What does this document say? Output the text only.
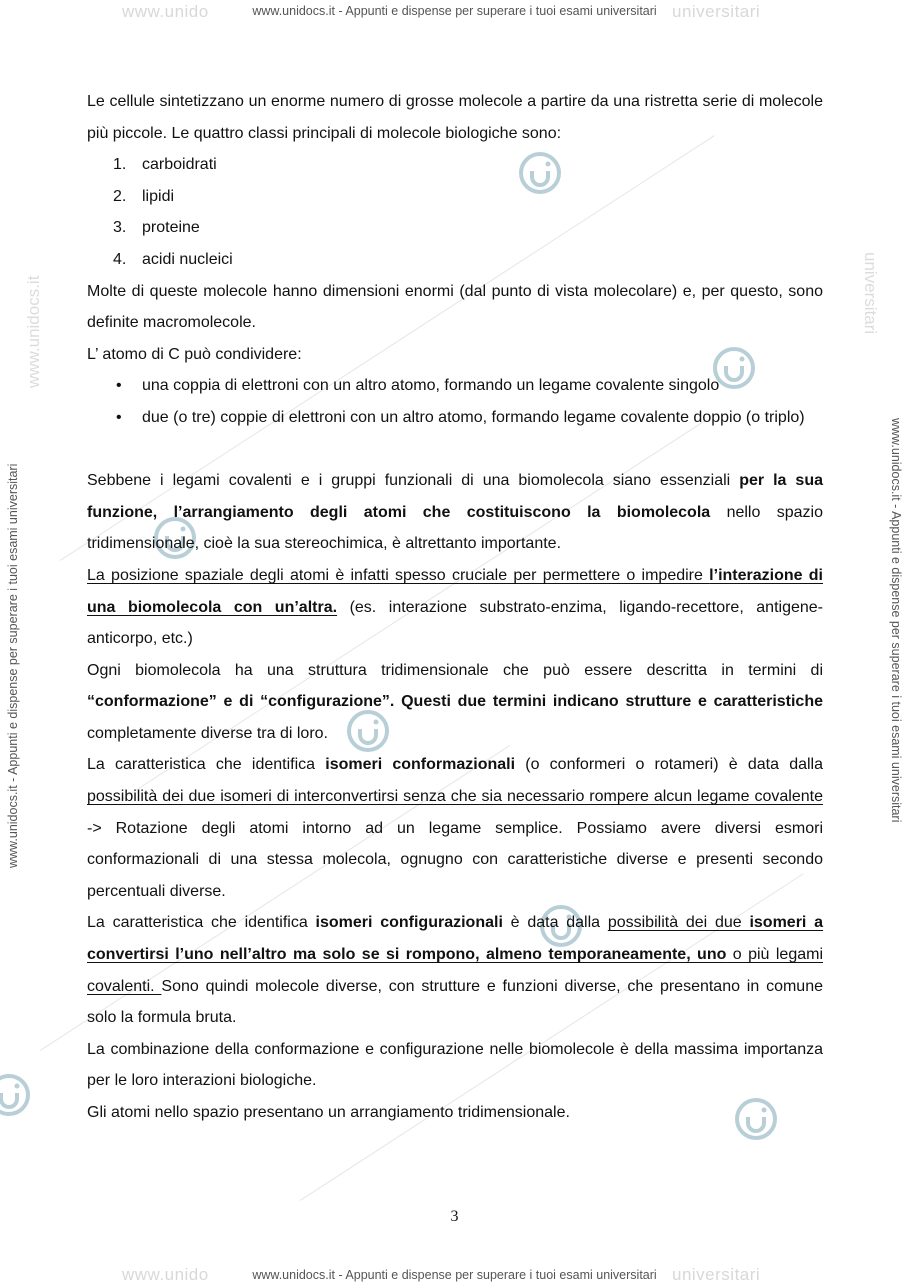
www.unido	universitari
www.unidocs.it - Appunti e dispense per superare i tuoi esami universitari
www.unido	universitari
www.unidocs.it - Appunti e dispense per superare i tuoi esami universitari
www.unidocs.it - Appunti e dispense per superare i tuoi esami universitari	www.unidocs.it - Appunti e dispense per superare i tuoi esami universitari
www.unidocs.it	universitari

Le cellule sintetizzano un enorme numero di grosse molecole a partire da una ristretta serie di molecole più piccole. Le quattro classi principali di molecole biologiche sono:

1. carboidrati
2. lipidi
3. proteine
4. acidi nucleici

Molte di queste molecole hanno dimensioni enormi (dal punto di vista molecolare) e, per questo, sono definite macromolecole.

L’ atomo di C può condividere:

• una coppia di elettroni con un altro atomo, formando un legame covalente singolo
• due (o tre) coppie di elettroni con un altro atomo, formando legame covalente doppio (o triplo)

Sebbene i legami covalenti e i gruppi funzionali di una biomolecola siano essenziali per la sua funzione, l’arrangiamento degli atomi che costituiscono la biomolecola nello spazio tridimensionale, cioè la sua stereochimica, è altrettanto importante.

La posizione spaziale degli atomi è infatti spesso cruciale per permettere o impedire l’interazione di una biomolecola con un’altra. (es. interazione substrato-enzima, ligando-recettore, antigene-anticorpo, etc.)

Ogni biomolecola ha una struttura tridimensionale che può essere descritta in termini di “conformazione” e di “configurazione”. Questi due termini indicano strutture e caratteristiche completamente diverse tra di loro.

La caratteristica che identifica isomeri conformazionali (o conformeri o rotameri) è data dalla possibilità dei due isomeri di interconvertirsi senza che sia necessario rompere alcun legame covalente -> Rotazione degli atomi intorno ad un legame semplice. Possiamo avere diversi esmori conformazionali di una stessa molecola, ognugno con caratteristiche diverse e presenti secondo percentuali diverse.

La caratteristica che identifica isomeri configurazionali è data dalla possibilità dei due isomeri a convertirsi l’uno nell’altro ma solo se si rompono, almeno temporaneamente, uno o più legami covalenti. Sono quindi molecole diverse, con strutture e funzioni diverse, che presentano in comune solo la formula bruta.

La combinazione della conformazione e configurazione nelle biomolecole è della massima importanza per le loro interazioni biologiche.

Gli atomi nello spazio presentano un arrangiamento tridimensionale.

3
